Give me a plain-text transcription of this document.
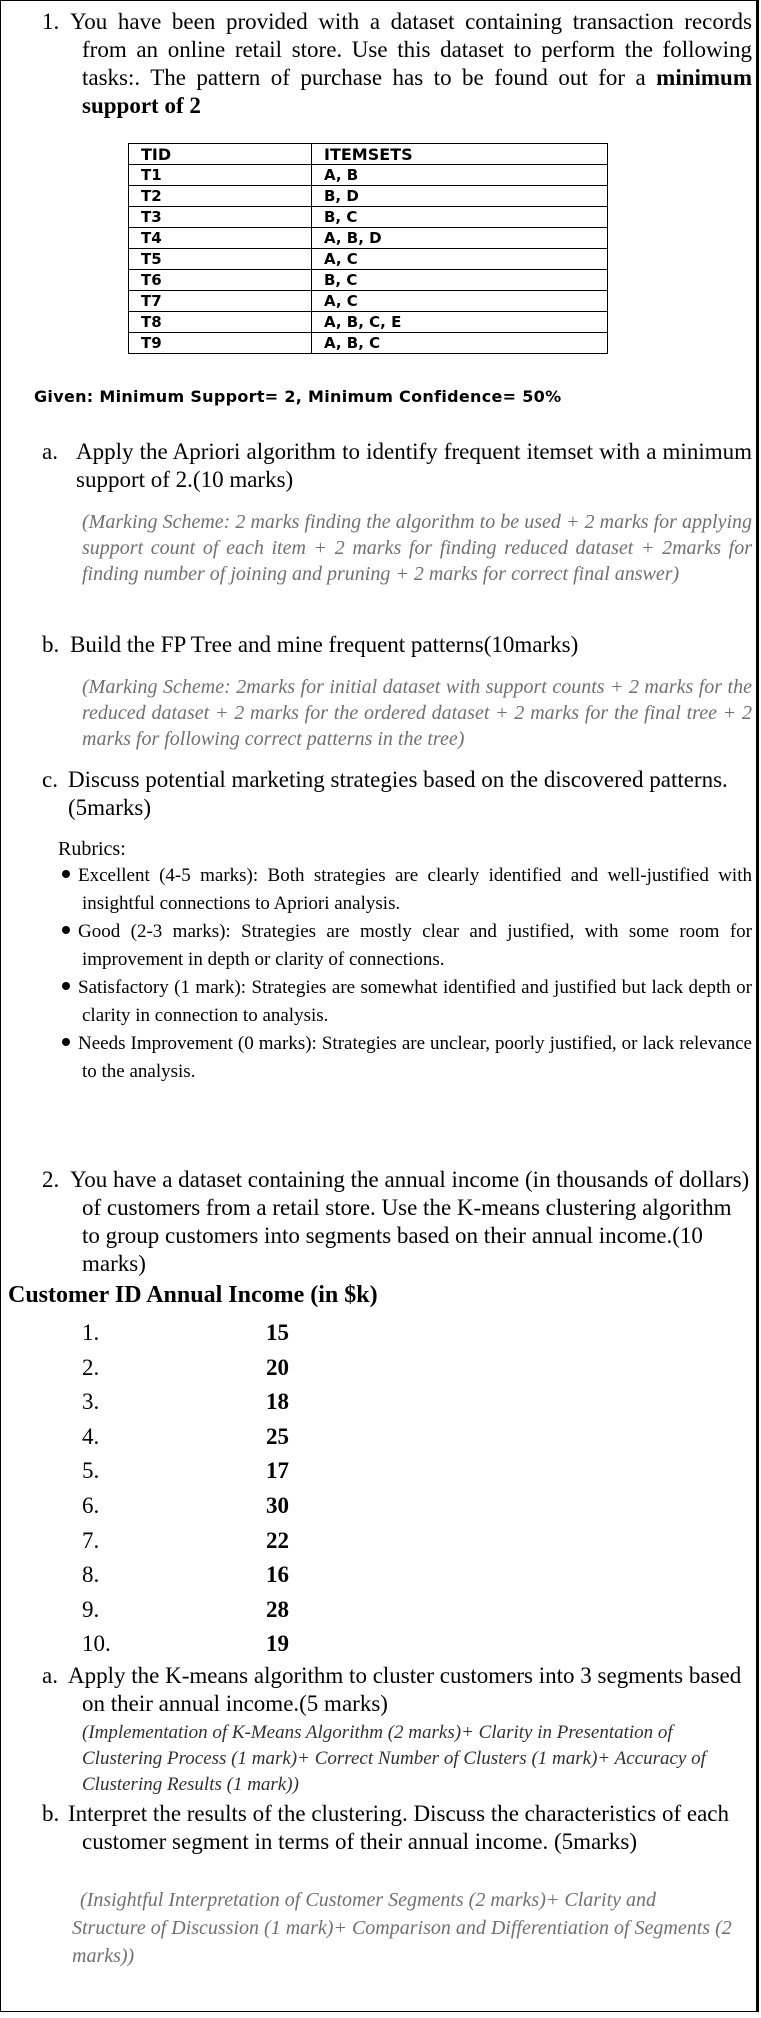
1. You have been provided with a dataset containing transaction records from an online retail store. Use this dataset to perform the following tasks:. The pattern of purchase has to be found out for a minimum support of 2
TID	ITEMSETS
T1	A, B
T2	B, D
T3	B, C
T4	A, B, D
T5	A, C
T6	B, C
T7	A, C
T8	A, B, C, E
T9	A, B, C
Given: Minimum Support= 2, Minimum Confidence= 50%
a. Apply the Apriori algorithm to identify frequent itemset with a minimum support of 2.(10 marks)
(Marking Scheme: 2 marks finding the algorithm to be used + 2 marks for applying support count of each item + 2 marks for finding reduced dataset + 2marks for finding number of joining and pruning + 2 marks for correct final answer)
b. Build the FP Tree and mine frequent patterns(10marks)
(Marking Scheme: 2marks for initial dataset with support counts + 2 marks for the reduced dataset + 2 marks for the ordered dataset + 2 marks for the final tree + 2 marks for following correct patterns in the tree)
c. Discuss potential marketing strategies based on the discovered patterns.(5marks)
Rubrics:
Excellent (4-5 marks): Both strategies are clearly identified and well-justified with insightful connections to Apriori analysis.
Good (2-3 marks): Strategies are mostly clear and justified, with some room for improvement in depth or clarity of connections.
Satisfactory (1 mark): Strategies are somewhat identified and justified but lack depth or clarity in connection to analysis.
Needs Improvement (0 marks): Strategies are unclear, poorly justified, or lack relevance to the analysis.
2. You have a dataset containing the annual income (in thousands of dollars) of customers from a retail store. Use the K-means clustering algorithm to group customers into segments based on their annual income.(10 marks)
Customer ID Annual Income (in $k)
1.	15
2.	20
3.	18
4.	25
5.	17
6.	30
7.	22
8.	16
9.	28
10.	19
a. Apply the K-means algorithm to cluster customers into 3 segments based on their annual income.(5 marks)
(Implementation of K-Means Algorithm (2 marks)+ Clarity in Presentation of Clustering Process (1 mark)+ Correct Number of Clusters (1 mark)+ Accuracy of Clustering Results (1 mark))
b. Interpret the results of the clustering. Discuss the characteristics of each customer segment in terms of their annual income. (5marks)
(Insightful Interpretation of Customer Segments (2 marks)+ Clarity and Structure of Discussion (1 mark)+ Comparison and Differentiation of Segments (2 marks))
